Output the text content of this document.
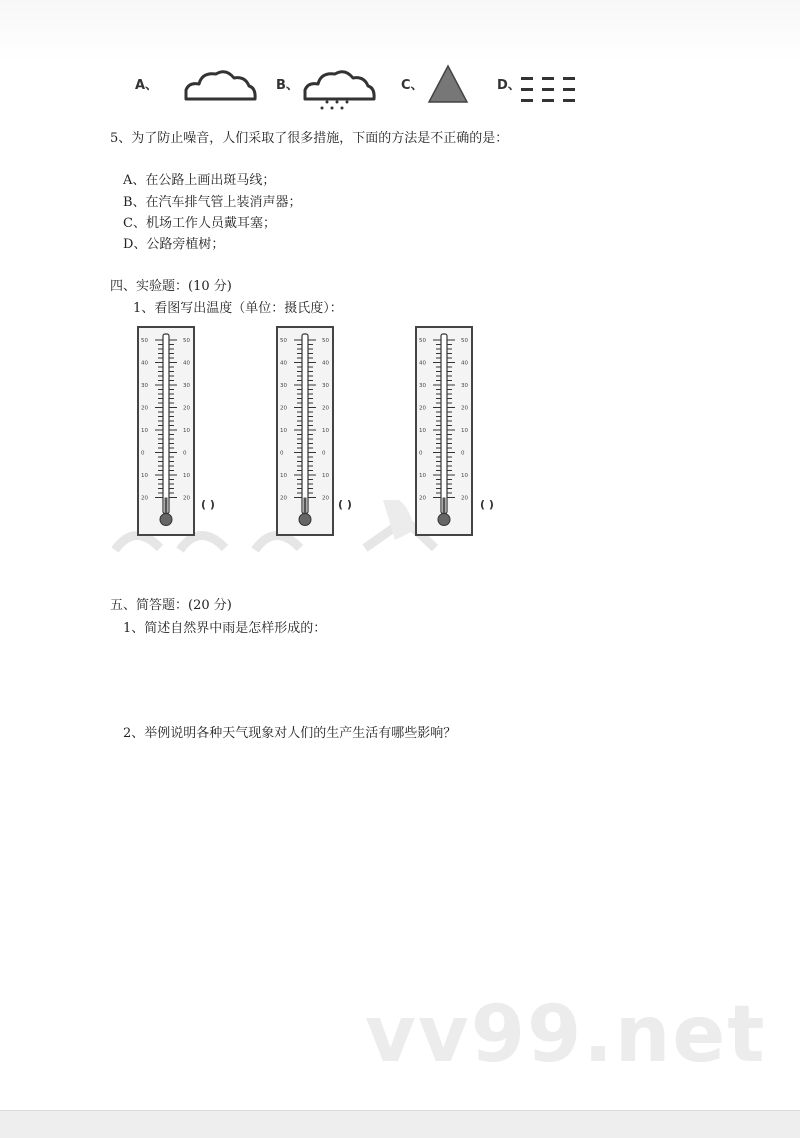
A、	B、	C、	D、
5、为了防止噪音，人们采取了很多措施，下面的方法是不正确的是：
A、在公路上画出斑马线；
B、在汽车排气管上装消声器；
C、机场工作人员戴耳塞；
D、公路旁植树；
四、实验题：(10 分)
1、看图写出温度（单位：摄氏度）：
50	50
40	40
30	30
20	20
10	10
0	0
10	10
20	20 ( )
50	50
40	40
30	30
20	20
10	10
0	0
10	10
20	20 ( )
50	50
40	40
30	30
20	20
10	10
0	0
10	10
20	20 ( )
五、简答题：(20 分)
1、简述自然界中雨是怎样形成的：
2、举例说明各种天气现象对人们的生产生活有哪些影响？
vv99.net
